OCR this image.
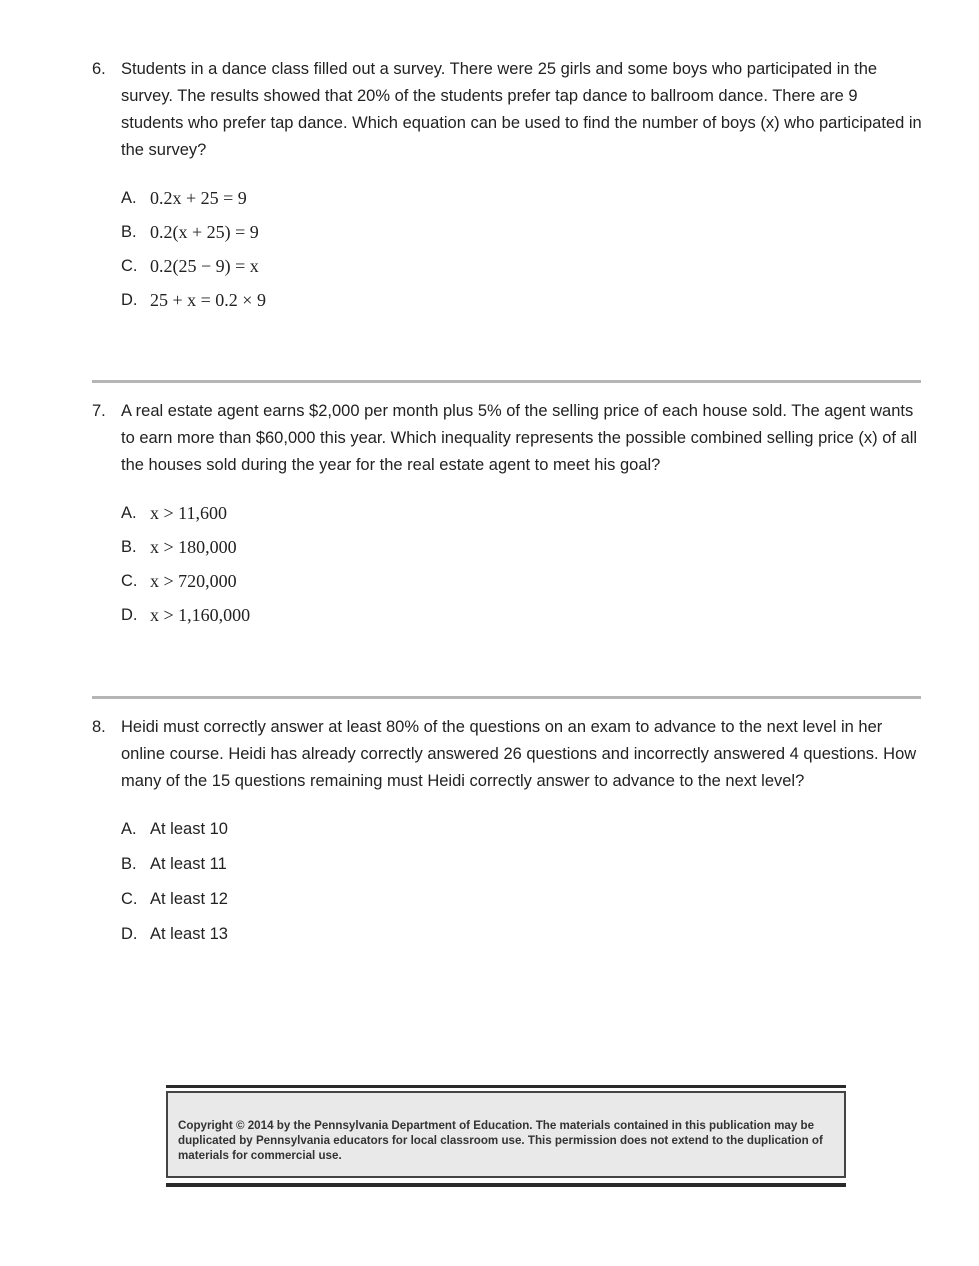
6. Students in a dance class filled out a survey. There were 25 girls and some boys who participated in the survey. The results showed that 20% of the students prefer tap dance to ballroom dance. There are 9 students who prefer tap dance. Which equation can be used to find the number of boys (x) who participated in the survey?
A. 0.2x + 25 = 9
B. 0.2(x + 25) = 9
C. 0.2(25 − 9) = x
D. 25 + x = 0.2 × 9
7. A real estate agent earns $2,000 per month plus 5% of the selling price of each house sold. The agent wants to earn more than $60,000 this year. Which inequality represents the possible combined selling price (x) of all the houses sold during the year for the real estate agent to meet his goal?
A. x > 11,600
B. x > 180,000
C. x > 720,000
D. x > 1,160,000
8. Heidi must correctly answer at least 80% of the questions on an exam to advance to the next level in her online course. Heidi has already correctly answered 26 questions and incorrectly answered 4 questions. How many of the 15 questions remaining must Heidi correctly answer to advance to the next level?
A. At least 10
B. At least 11
C. At least 12
D. At least 13
Copyright © 2014 by the Pennsylvania Department of Education. The materials contained in this publication may be duplicated by Pennsylvania educators for local classroom use. This permission does not extend to the duplication of materials for commercial use.
